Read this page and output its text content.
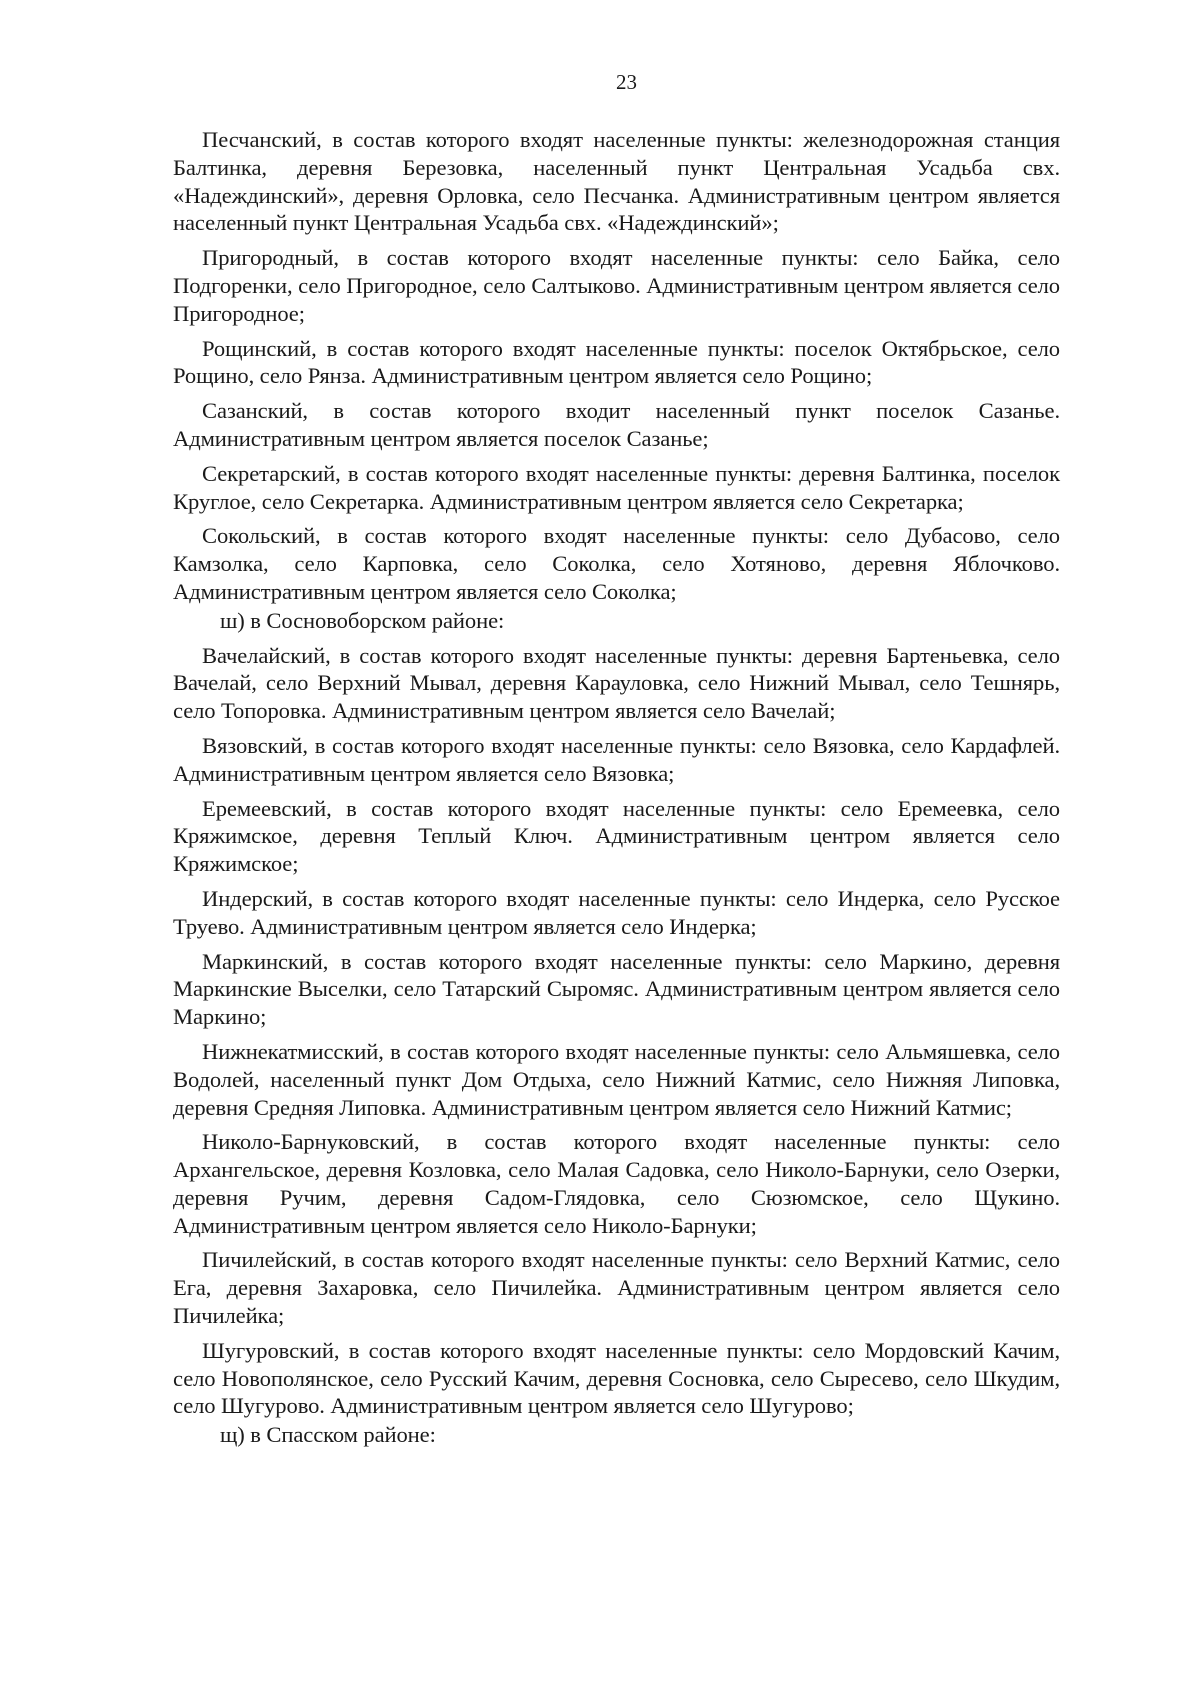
23

Песчанский, в состав которого входят населенные пункты: железнодорожная станция Балтинка, деревня Березовка, населенный пункт Центральная Усадьба свх. «Надеждинский», деревня Орловка, село Песчанка. Административным центром является населенный пункт Центральная Усадьба свх. «Надеждинский»;

Пригородный, в состав которого входят населенные пункты: село Байка, село Подгоренки, село Пригородное, село Салтыково. Административным центром является село Пригородное;

Рощинский, в состав которого входят населенные пункты: поселок Октябрьское, село Рощино, село Рянза. Административным центром является село Рощино;

Сазанский, в состав которого входит населенный пункт поселок Сазанье. Административным центром является поселок Сазанье;

Секретарский, в состав которого входят населенные пункты: деревня Балтинка, поселок Круглое, село Секретарка. Административным центром является село Секретарка;

Сокольский, в состав которого входят населенные пункты: село Дубасово, село Камзолка, село Карповка, село Соколка, село Хотяново, деревня Яблочково. Административным центром является село Соколка;

ш) в Сосновоборском районе:

Вачелайский, в состав которого входят населенные пункты: деревня Бартеньевка, село Вачелай, село Верхний Мывал, деревня Карауловка, село Нижний Мывал, село Тешнярь, село Топоровка. Административным центром является село Вачелай;

Вязовский, в состав которого входят населенные пункты: село Вязовка, село Кардафлей. Административным центром является село Вязовка;

Еремеевский, в состав которого входят населенные пункты: село Еремеевка, село Кряжимское, деревня Теплый Ключ. Административным центром является село Кряжимское;

Индерский, в состав которого входят населенные пункты: село Индерка, село Русское Труево. Административным центром является село Индерка;

Маркинский, в состав которого входят населенные пункты: село Маркино, деревня Маркинские Выселки, село Татарский Сыромяс. Административным центром является село Маркино;

Нижнекатмисский, в состав которого входят населенные пункты: село Альмяшевка, село Водолей, населенный пункт Дом Отдыха, село Нижний Катмис, село Нижняя Липовка, деревня Средняя Липовка. Административным центром является село Нижний Катмис;

Николо-Барнуковский, в состав которого входят населенные пункты: село Архангельское, деревня Козловка, село Малая Садовка, село Николо-Барнуки, село Озерки, деревня Ручим, деревня Садом-Глядовка, село Сюзюмское, село Щукино. Административным центром является село Николо-Барнуки;

Пичилейский, в состав которого входят населенные пункты: село Верхний Катмис, село Ега, деревня Захаровка, село Пичилейка. Административным центром является село Пичилейка;

Шугуровский, в состав которого входят населенные пункты: село Мордовский Качим, село Новополянское, село Русский Качим, деревня Сосновка, село Сыресево, село Шкудим, село Шугурово. Административным центром является село Шугурово;

щ) в Спасском районе:
